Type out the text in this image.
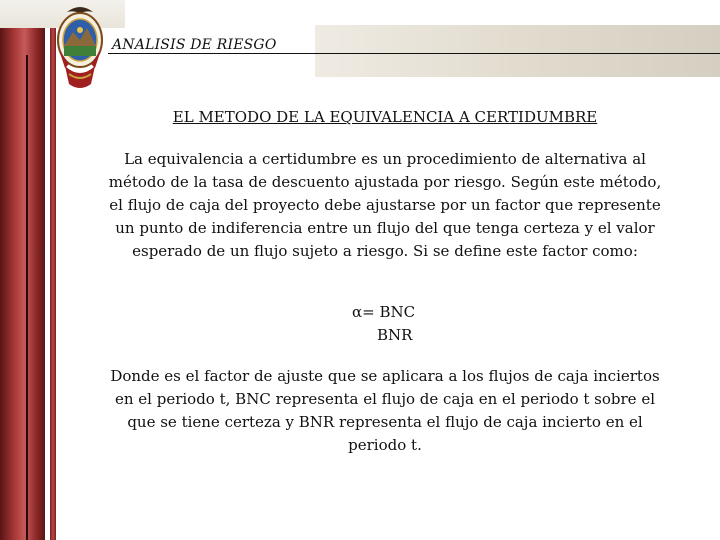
ANALISIS DE RIESGO
EL METODO DE LA EQUIVALENCIA A CERTIDUMBRE
La equivalencia a certidumbre es un procedimiento de alternativa al método de la tasa de descuento ajustada por riesgo. Según este método, el flujo de caja del proyecto debe ajustarse por un factor que represente un punto de indiferencia entre un flujo del que tenga certeza y el valor esperado de un flujo sujeto a riesgo. Si se define este factor como:
α= BNC
BNR
Donde es el factor de ajuste que se aplicara a los flujos de caja inciertos en el periodo t, BNC representa el flujo de caja en el periodo t sobre el que se tiene certeza y BNR representa el flujo de caja incierto en el periodo t.
